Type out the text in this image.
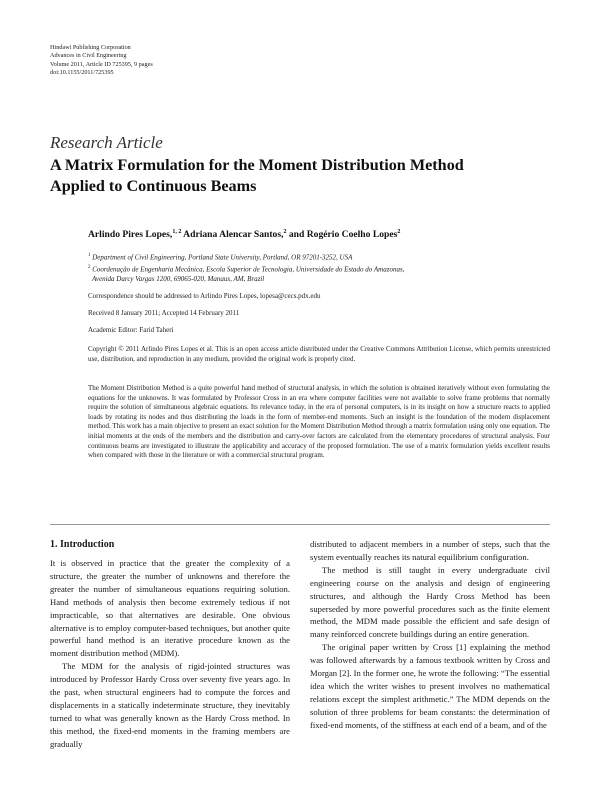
Hindawi Publishing Corporation
Advances in Civil Engineering
Volume 2011, Article ID 725395, 9 pages
doi:10.1155/2011/725395
Research Article
A Matrix Formulation for the Moment Distribution Method
Applied to Continuous Beams
Arlindo Pires Lopes,$^{1, 2}$ Adriana Alencar Santos,$^2$ and Rogério Coelho Lopes$^2$
$^1$ Department of Civil Engineering, Portland State University, Portland, OR 97201-3252, USA
$^2$ Coordenação de Engenharia Mecânica, Escola Superior de Tecnologia, Universidade do Estado do Amazonas,
Avenida Darcy Vargas 1200, 69065-020, Manaus, AM, Brazil
Correspondence should be addressed to Arlindo Pires Lopes, lopesa@cecs.pdx.edu
Received 8 January 2011; Accepted 14 February 2011
Academic Editor: Farid Taheri
Copyright © 2011 Arlindo Pires Lopes et al. This is an open access article distributed under the Creative Commons Attribution License, which permits unrestricted use, distribution, and reproduction in any medium, provided the original work is properly cited.
The Moment Distribution Method is a quite powerful hand method of structural analysis, in which the solution is obtained iteratively without even formulating the equations for the unknowns. It was formulated by Professor Cross in an era where computer facilities were not available to solve frame problems that normally require the solution of simultaneous algebraic equations. Its relevance today, in the era of personal computers, is in its insight on how a structure reacts to applied loads by rotating its nodes and thus distributing the loads in the form of member-end moments. Such an insight is the foundation of the modern displacement method. This work has a main objective to present an exact solution for the Moment Distribution Method through a matrix formulation using only one equation. The initial moments at the ends of the members and the distribution and carry-over factors are calculated from the elementary procedures of structural analysis. Four continuous beams are investigated to illustrate the applicability and accuracy of the proposed formulation. The use of a matrix formulation yields excellent results when compared with those in the literature or with a commercial structural program.
1. Introduction

It is observed in practice that the greater the complexity of a structure, the greater the number of unknowns and therefore the greater the number of simultaneous equations requiring solution. Hand methods of analysis then become extremely tedious if not impracticable, so that alternatives are desirable. One obvious alternative is to employ computer-based techniques, but another quite powerful hand method is an iterative procedure known as the moment distribution method (MDM).

The MDM for the analysis of rigid-jointed structures was introduced by Professor Hardy Cross over seventy five years ago. In the past, when structural engineers had to compute the forces and displacements in a statically indeterminate structure, they inevitably turned to what was generally known as the Hardy Cross method. In this method, the fixed-end moments in the framing members are gradually

distributed to adjacent members in a number of steps, such that the system eventually reaches its natural equilibrium configuration.

The method is still taught in every undergraduate civil engineering course on the analysis and design of engineering structures, and although the Hardy Cross Method has been superseded by more powerful procedures such as the finite element method, the MDM made possible the efficient and safe design of many reinforced concrete buildings during an entire generation.

The original paper written by Cross [1] explaining the method was followed afterwards by a famous textbook written by Cross and Morgan [2]. In the former one, he wrote the following: “The essential idea which the writer wishes to present involves no mathematical relations except the simplest arithmetic.” The MDM depends on the solution of three problems for beam constants: the determination of fixed-end moments, of the stiffness at each end of a beam, and of the
